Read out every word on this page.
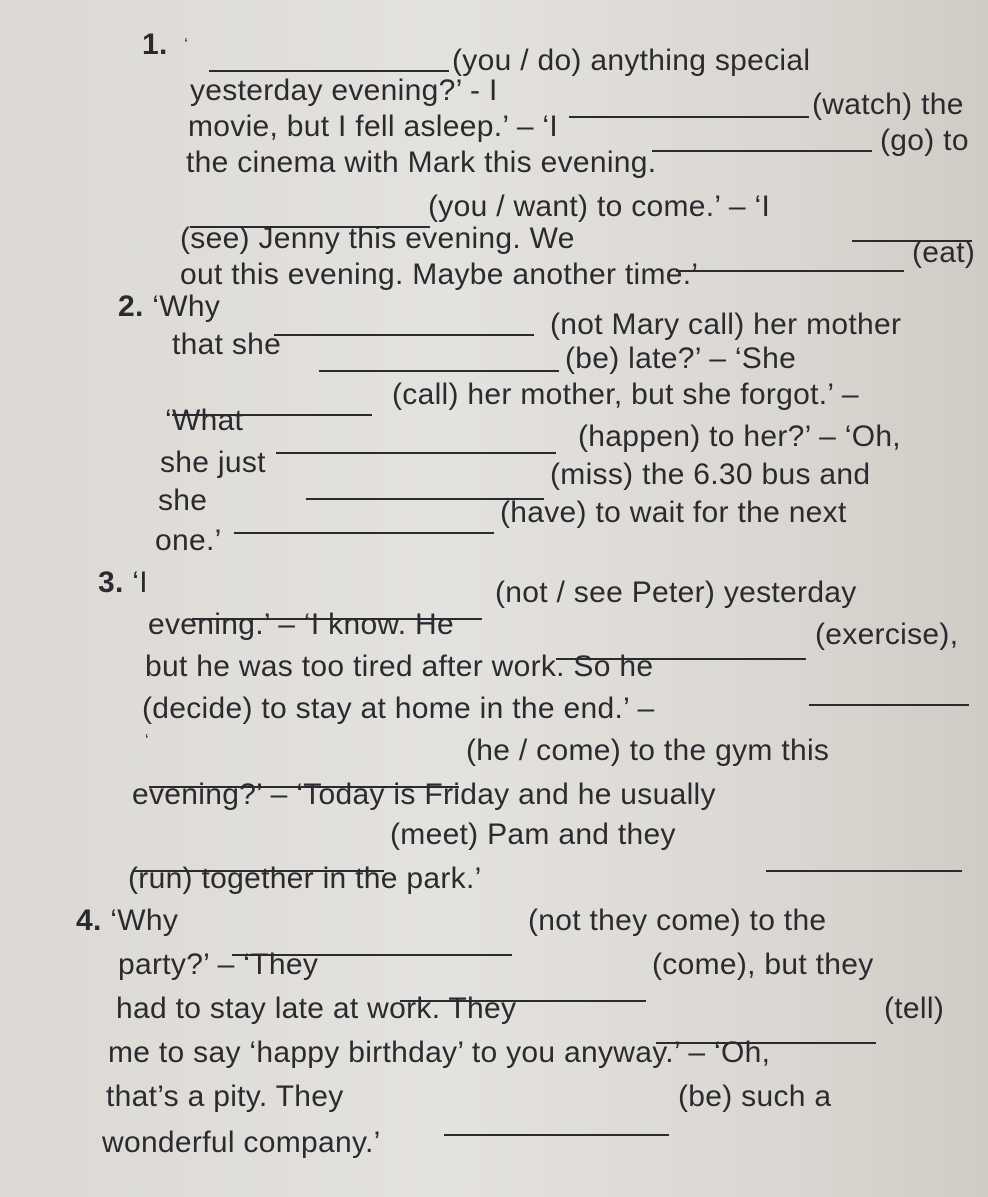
1. ‘	(you / do) anything special
yesterday evening?’ - I	(watch) the
movie, but I fell asleep.’ – ‘I	(go) to
the cinema with Mark this evening.
(you / want) to come.’ – ‘I
(see) Jenny this evening. We	(eat)
out this evening. Maybe another time.’
2. ‘Why
(not Mary call) her mother
that she	(be) late?’ – ‘She
(call) her mother, but she forgot.’ –
‘What	(happen) to her?’ – ‘Oh,
she just	(miss) the 6.30 bus and
she	(have) to wait for the next
one.’
3. ‘I	(not / see Peter) yesterday
evening.’ – ‘I know. He	(exercise),
but he was too tired after work. So he
(decide) to stay at home in the end.’ –
‘	(he / come) to the gym this
evening?’ – ‘Today is Friday and he usually
(meet) Pam and they
(run) together in the park.’
4. ‘Why	(not they come) to the
party?’ – ‘They	(come), but they
had to stay late at work. They	(tell)
me to say ‘happy birthday’ to you anyway.’ – ‘Oh,
that’s a pity. They	(be) such a
wonderful company.’
